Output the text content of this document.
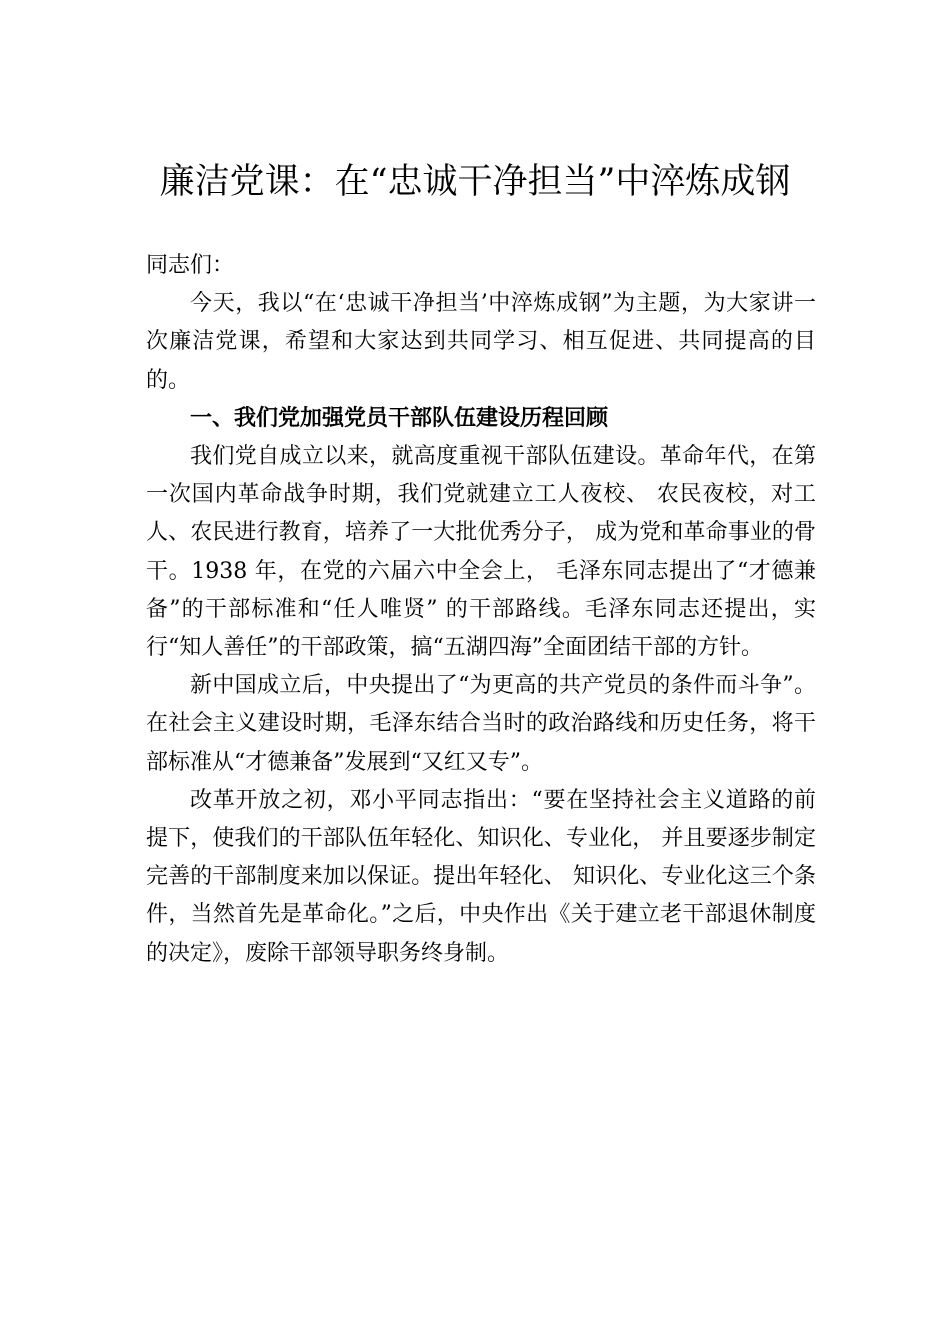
廉洁党课：在“忠诚干净担当”中淬炼成钢

同志们：

今天，我以“在‘忠诚干净担当’中淬炼成钢”为主题，为大家讲一次廉洁党课，希望和大家达到共同学习、相互促进、共同提高的目的。

一、我们党加强党员干部队伍建设历程回顾

我们党自成立以来，就高度重视干部队伍建设。革命年代，在第一次国内革命战争时期，我们党就建立工人夜校、 农民夜校，对工人、农民进行教育，培养了一大批优秀分子， 成为党和革命事业的骨干。1938 年，在党的六届六中全会上， 毛泽东同志提出了“才德兼备”的干部标准和“任人唯贤” 的干部路线。毛泽东同志还提出，实行“知人善任”的干部政策，搞“五湖四海”全面团结干部的方针。

新中国成立后，中央提出了“为更高的共产党员的条件而斗争”。在社会主义建设时期，毛泽东结合当时的政治路线和历史任务，将干部标准从“才德兼备”发展到“又红又专”。

改革开放之初，邓小平同志指出：“要在坚持社会主义道路的前提下，使我们的干部队伍年轻化、知识化、专业化， 并且要逐步制定完善的干部制度来加以保证。提出年轻化、 知识化、专业化这三个条件，当然首先是革命化。”之后，中央作出《关于建立老干部退休制度的决定》，废除干部领导职务终身制。
